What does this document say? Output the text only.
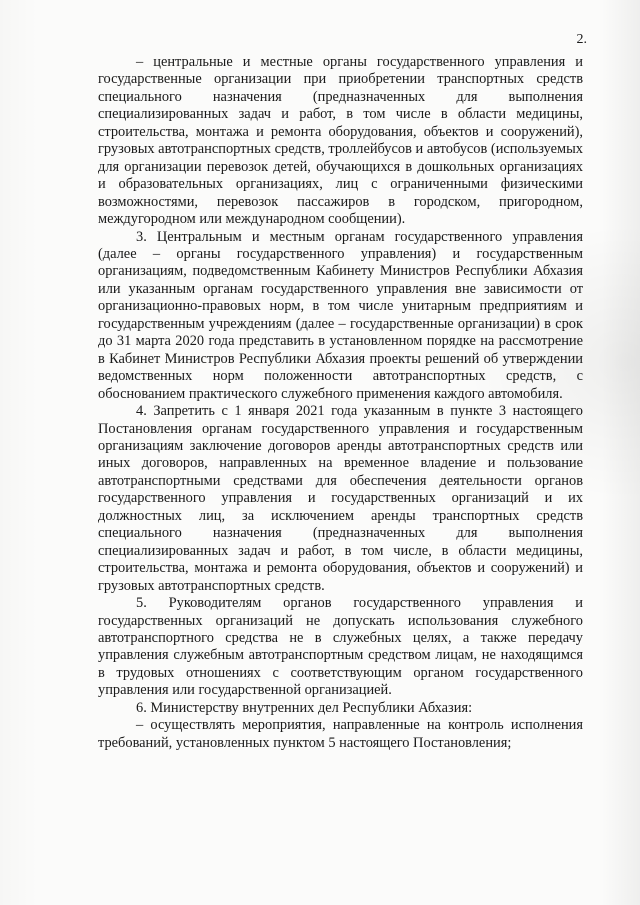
2.

– центральные и местные органы государственного управления и государственные организации при приобретении транспортных средств специального назначения (предназначенных для выполнения специализированных задач и работ, в том числе в области медицины, строительства, монтажа и ремонта оборудования, объектов и сооружений), грузовых автотранспортных средств, троллейбусов и автобусов (используемых для организации перевозок детей, обучающихся в дошкольных организациях и образовательных организациях, лиц с ограниченными физическими возможностями, перевозок пассажиров в городском, пригородном, междугородном или международном сообщении).

3. Центральным и местным органам государственного управления (далее – органы государственного управления) и государственным организациям, подведомственным Кабинету Министров Республики Абхазия или указанным органам государственного управления вне зависимости от организационно-правовых норм, в том числе унитарным предприятиям и государственным учреждениям (далее – государственные организации) в срок до 31 марта 2020 года представить в установленном порядке на рассмотрение в Кабинет Министров Республики Абхазия проекты решений об утверждении ведомственных норм положенности автотранспортных средств, с обоснованием практического служебного применения каждого автомобиля.

4. Запретить с 1 января 2021 года указанным в пункте 3 настоящего Постановления органам государственного управления и государственным организациям заключение договоров аренды автотранспортных средств или иных договоров, направленных на временное владение и пользование автотранспортными средствами для обеспечения деятельности органов государственного управления и государственных организаций и их должностных лиц, за исключением аренды транспортных средств специального назначения (предназначенных для выполнения специализированных задач и работ, в том числе, в области медицины, строительства, монтажа и ремонта оборудования, объектов и сооружений) и грузовых автотранспортных средств.

5. Руководителям органов государственного управления и государственных организаций не допускать использования служебного автотранспортного средства не в служебных целях, а также передачу управления служебным автотранспортным средством лицам, не находящимся в трудовых отношениях с соответствующим органом государственного управления или государственной организацией.

6. Министерству внутренних дел Республики Абхазия:

– осуществлять мероприятия, направленные на контроль исполнения требований, установленных пунктом 5 настоящего Постановления;
